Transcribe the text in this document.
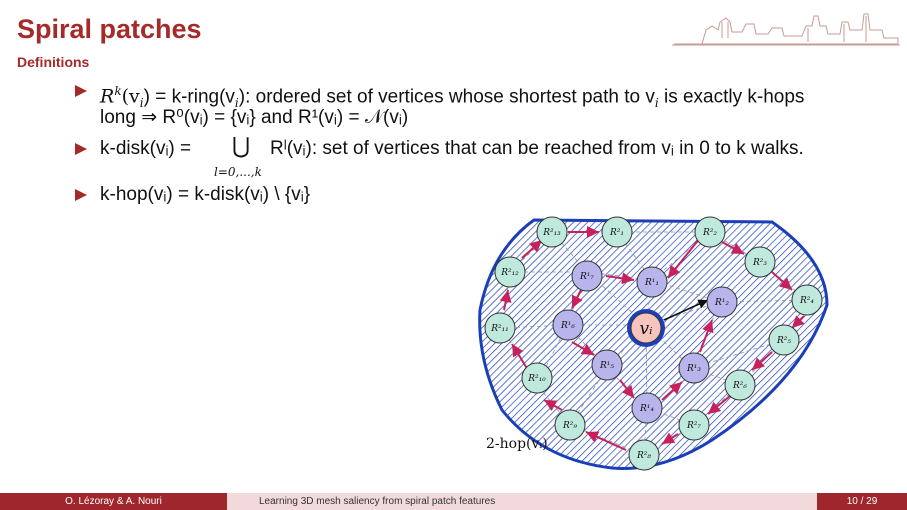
Spiral patches
Definitions
$R^k(v_i)$ = $k-ring(v_i)$: ordered set of vertices whose shortest path to $v_i$ is exactly k-hops
long ⇒ R⁰(vᵢ) = {vᵢ} and R¹(vᵢ) = 𝒩(vᵢ)
k-disk(vᵢ) = ⋃
l=0,...,k
Rˡ(vᵢ): set of vertices that can be reached from vᵢ in 0 to k walks.
k-hop(vᵢ) = k-disk(vᵢ) \ {vᵢ}
vᵢ
R²₁₃	R²₁	R²₂
R²₃
R²₄
R²₅
R²₆
R²₇
R²₈
R²₉
R²₁₀
R²₁₁
R²₁₂	R¹₇
R¹₁
R¹₂
R¹₃
R¹₄
R¹₅
R¹₆
2-hop(vᵢ)
O. Lézoray & A. Nouri	Learning 3D mesh saliency from spiral patch features	10 / 29
